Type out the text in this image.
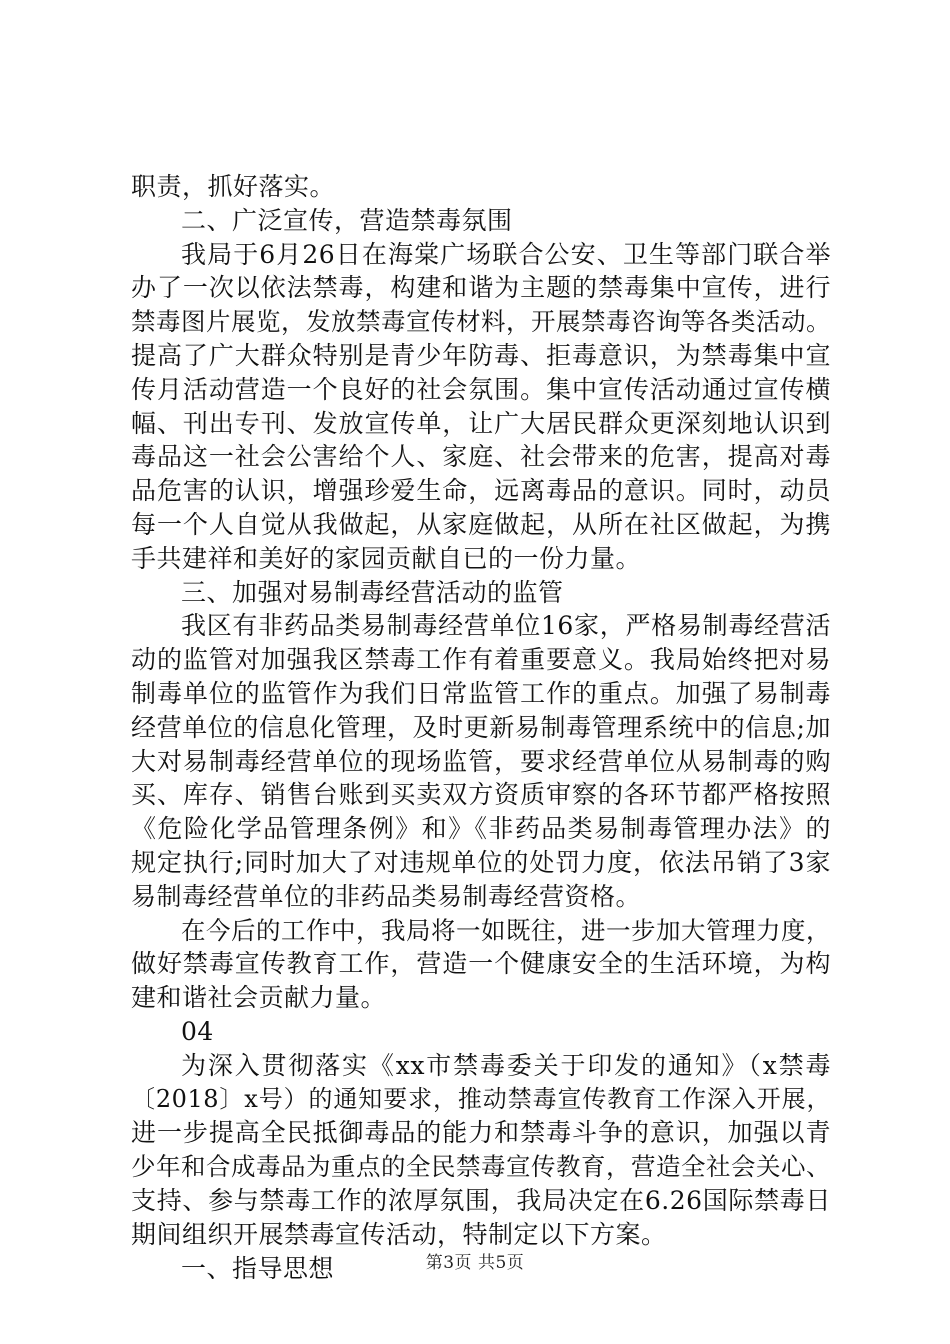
职责，抓好落实。
二、广泛宣传，营造禁毒氛围
我局于6月26日在海棠广场联合公安、卫生等部门联合举
办了一次以依法禁毒，构建和谐为主题的禁毒集中宣传，进行
禁毒图片展览，发放禁毒宣传材料，开展禁毒咨询等各类活动。
提高了广大群众特别是青少年防毒、拒毒意识，为禁毒集中宣
传月活动营造一个良好的社会氛围。集中宣传活动通过宣传横
幅、刊出专刊、发放宣传单，让广大居民群众更深刻地认识到
毒品这一社会公害给个人、家庭、社会带来的危害，提高对毒
品危害的认识，增强珍爱生命，远离毒品的意识。同时，动员
每一个人自觉从我做起，从家庭做起，从所在社区做起，为携
手共建祥和美好的家园贡献自已的一份力量。
三、加强对易制毒经营活动的监管
我区有非药品类易制毒经营单位16家，严格易制毒经营活
动的监管对加强我区禁毒工作有着重要意义。我局始终把对易
制毒单位的监管作为我们日常监管工作的重点。加强了易制毒
经营单位的信息化管理，及时更新易制毒管理系统中的信息;加
大对易制毒经营单位的现场监管，要求经营单位从易制毒的购
买、库存、销售台账到买卖双方资质审察的各环节都严格按照
《危险化学品管理条例》和》《非药品类易制毒管理办法》的
规定执行;同时加大了对违规单位的处罚力度，依法吊销了3家
易制毒经营单位的非药品类易制毒经营资格。
在今后的工作中，我局将一如既往，进一步加大管理力度，
做好禁毒宣传教育工作，营造一个健康安全的生活环境，为构
建和谐社会贡献力量。
04
为深入贯彻落实《xx市禁毒委关于印发的通知》（x禁毒
〔2018〕x号）的通知要求，推动禁毒宣传教育工作深入开展，
进一步提高全民抵御毒品的能力和禁毒斗争的意识，加强以青
少年和合成毒品为重点的全民禁毒宣传教育，营造全社会关心、
支持、参与禁毒工作的浓厚氛围，我局决定在6.26国际禁毒日
期间组织开展禁毒宣传活动，特制定以下方案。
一、指导思想	第3页 共5页
